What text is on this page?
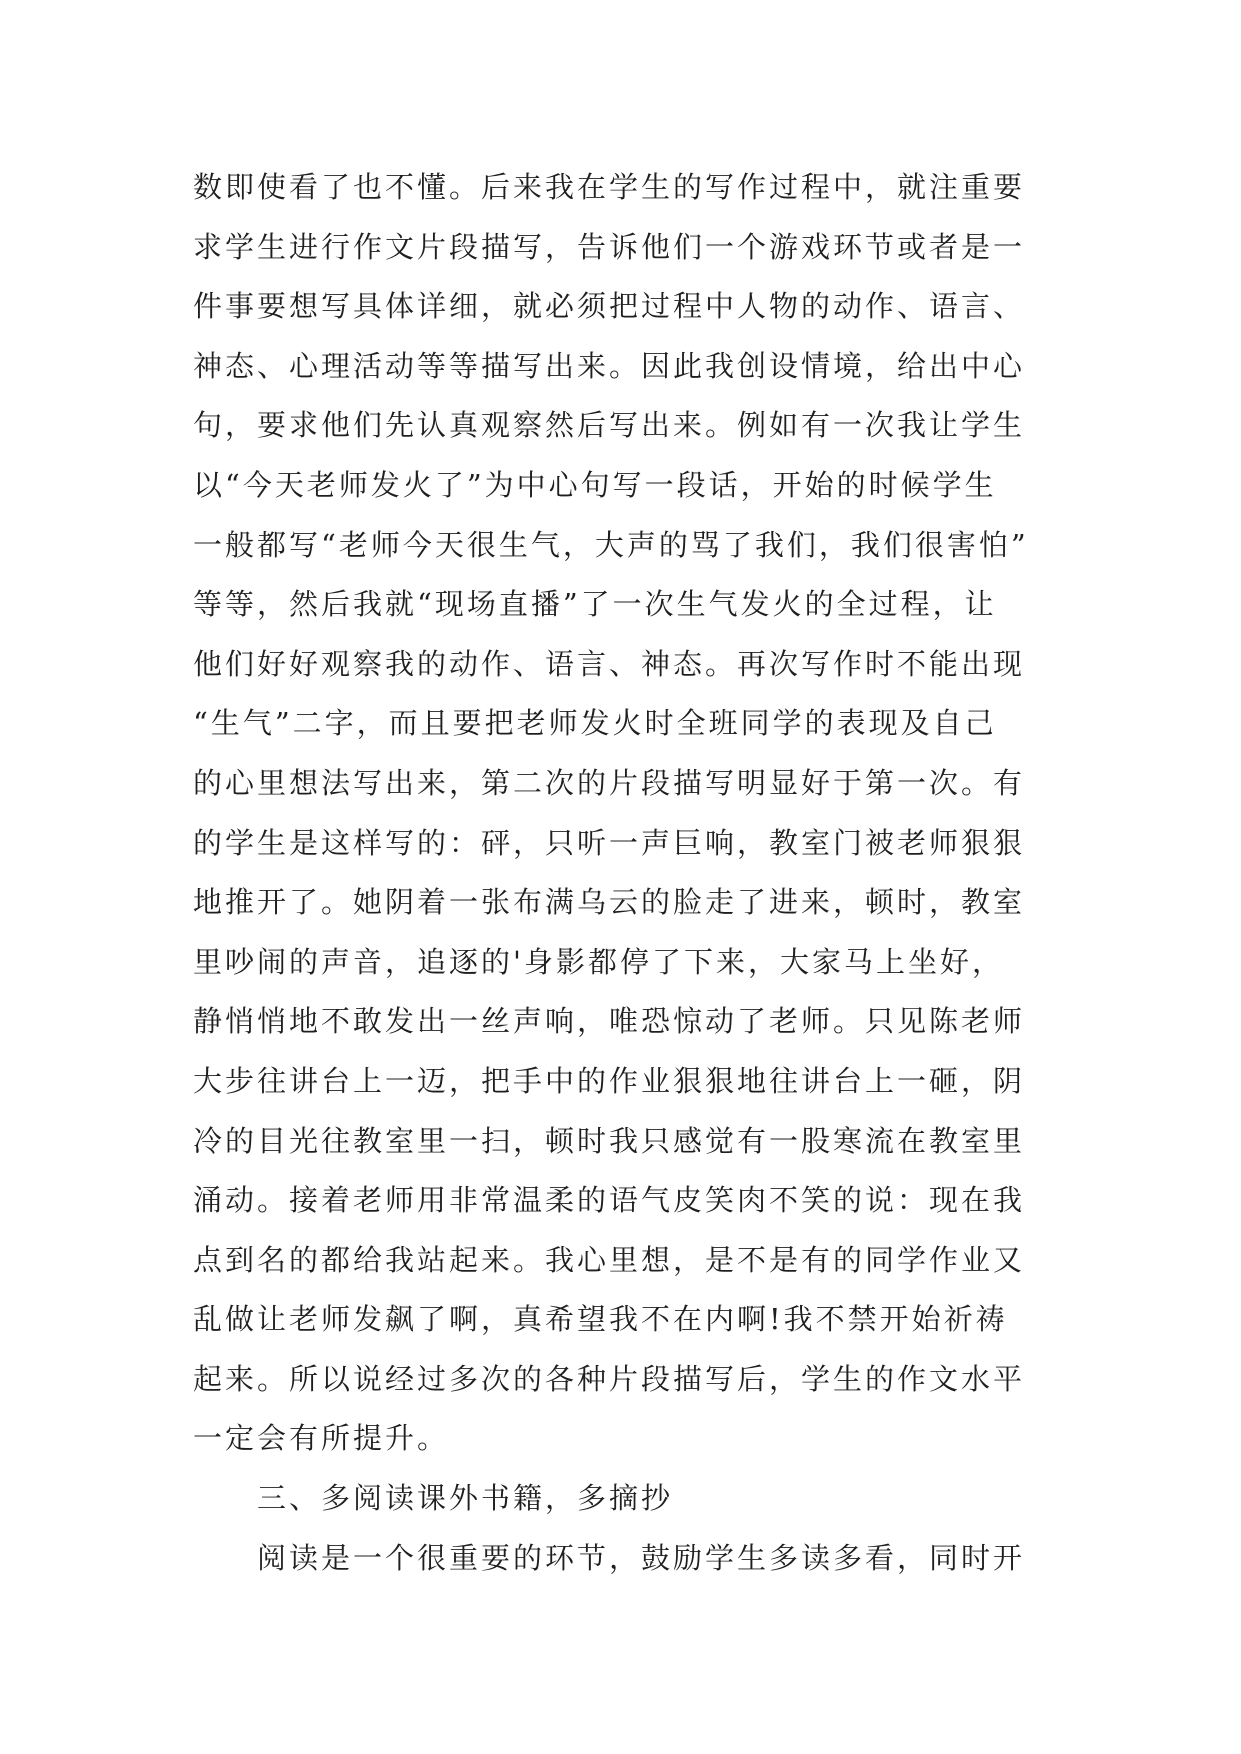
数即使看了也不懂。后来我在学生的写作过程中，就注重要
求学生进行作文片段描写，告诉他们一个游戏环节或者是一
件事要想写具体详细，就必须把过程中人物的动作、语言、
神态、心理活动等等描写出来。因此我创设情境，给出中心
句，要求他们先认真观察然后写出来。例如有一次我让学生
以“今天老师发火了”为中心句写一段话，开始的时候学生
一般都写“老师今天很生气，大声的骂了我们，我们很害怕”
等等，然后我就“现场直播”了一次生气发火的全过程，让
他们好好观察我的动作、语言、神态。再次写作时不能出现
“生气”二字，而且要把老师发火时全班同学的表现及自己
的心里想法写出来，第二次的片段描写明显好于第一次。有
的学生是这样写的：砰，只听一声巨响，教室门被老师狠狠
地推开了。她阴着一张布满乌云的脸走了进来，顿时，教室
里吵闹的声音，追逐的'身影都停了下来，大家马上坐好，
静悄悄地不敢发出一丝声响，唯恐惊动了老师。只见陈老师
大步往讲台上一迈，把手中的作业狠狠地往讲台上一砸，阴
冷的目光往教室里一扫，顿时我只感觉有一股寒流在教室里
涌动。接着老师用非常温柔的语气皮笑肉不笑的说：现在我
点到名的都给我站起来。我心里想，是不是有的同学作业又
乱做让老师发飙了啊，真希望我不在内啊!我不禁开始祈祷
起来。所以说经过多次的各种片段描写后，学生的作文水平
一定会有所提升。
三、多阅读课外书籍，多摘抄
阅读是一个很重要的环节，鼓励学生多读多看，同时开
